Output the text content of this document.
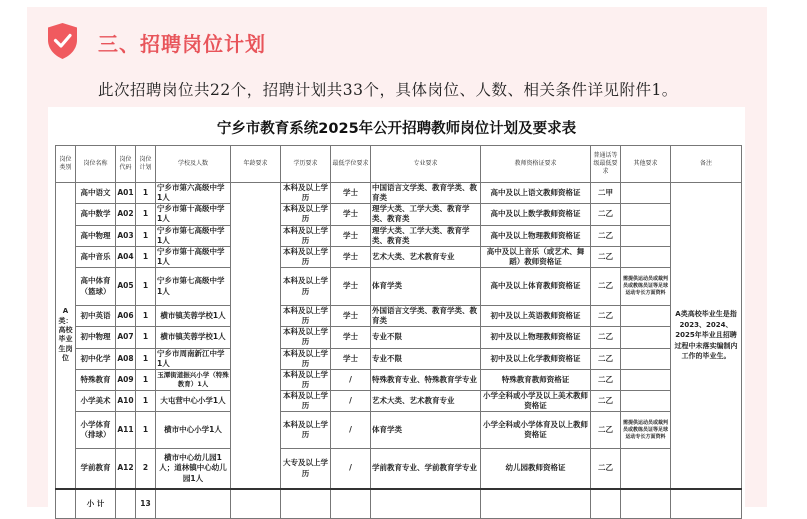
三、招聘岗位计划
此次招聘岗位共22个，招聘计划共33个，具体岗位、人数、相关条件详见附件1。
宁乡市教育系统2025年公开招聘教师岗位计划及要求表
岗位类别	岗位名称	岗位代码	岗位计划	学校及人数	年龄要求	学历要求	最低学位要求	专业要求	教师资格证要求	普通话等级最低要求	其他要求	备注
A类：高校毕业生岗位	高中语文	A01	1	宁乡市第六高级中学1人		本科及以上学历	学士	中国语言文学类、教育学类、教育类	高中及以上语文教师资格证	二甲		A类高校毕业生是指2023、2024、2025年毕业且招聘过程中未落实编制内工作的毕业生。
	高中数学	A02	1	宁乡市第十高级中学1人		本科及以上学历	学士	理学大类、工学大类、教育学类、教育类	高中及以上数学教师资格证	二乙		
	高中物理	A03	1	宁乡市第七高级中学1人		本科及以上学历	学士	理学大类、工学大类、教育学类、教育类	高中及以上物理教师资格证	二乙		
	高中音乐	A04	1	宁乡市第十高级中学1人		本科及以上学历	学士	艺术大类、艺术教育专业	高中及以上音乐（或艺术、舞蹈）教师资格证	二乙		
	高中体育（篮球）	A05	1	宁乡市第七高级中学1人		本科及以上学历	学士	体育学类	高中及以上体育教师资格证	二乙	需提供运动员或裁判员或教练员证等足球运动专长方面资料	
	初中英语	A06	1	横市镇芙蓉学校1人		本科及以上学历	学士	外国语言文学类、教育学类、教育类	初中及以上英语教师资格证	二乙		
	初中物理	A07	1	横市镇芙蓉学校1人		本科及以上学历	学士	专业不限	初中及以上物理教师资格证	二乙		
	初中化学	A08	1	宁乡市周南新江中学1人		本科及以上学历	学士	专业不限	初中及以上化学教师资格证	二乙		
	特殊教育	A09	1	玉潭街道振兴小学（特殊教育）1人		本科及以上学历	/	特殊教育专业、特殊教育学专业	特殊教育教师资格证	二乙		
	小学美术	A10	1	大屯营中心小学1人		本科及以上学历	/	艺术大类、艺术教育专业	小学全科或小学及以上美术教师资格证	二乙		
	小学体育（排球）	A11	1	横市中心小学1人		本科及以上学历	/	体育学类	小学全科或小学体育及以上教师资格证	二乙	需提供运动员或裁判员或教练员证等足球运动专长方面资料	
	学前教育	A12	2	横市中心幼儿园1人；道林镇中心幼儿园1人		大专及以上学历	/	学前教育专业、学前教育学专业	幼儿园教师资格证	二乙		
	小 计		13									
